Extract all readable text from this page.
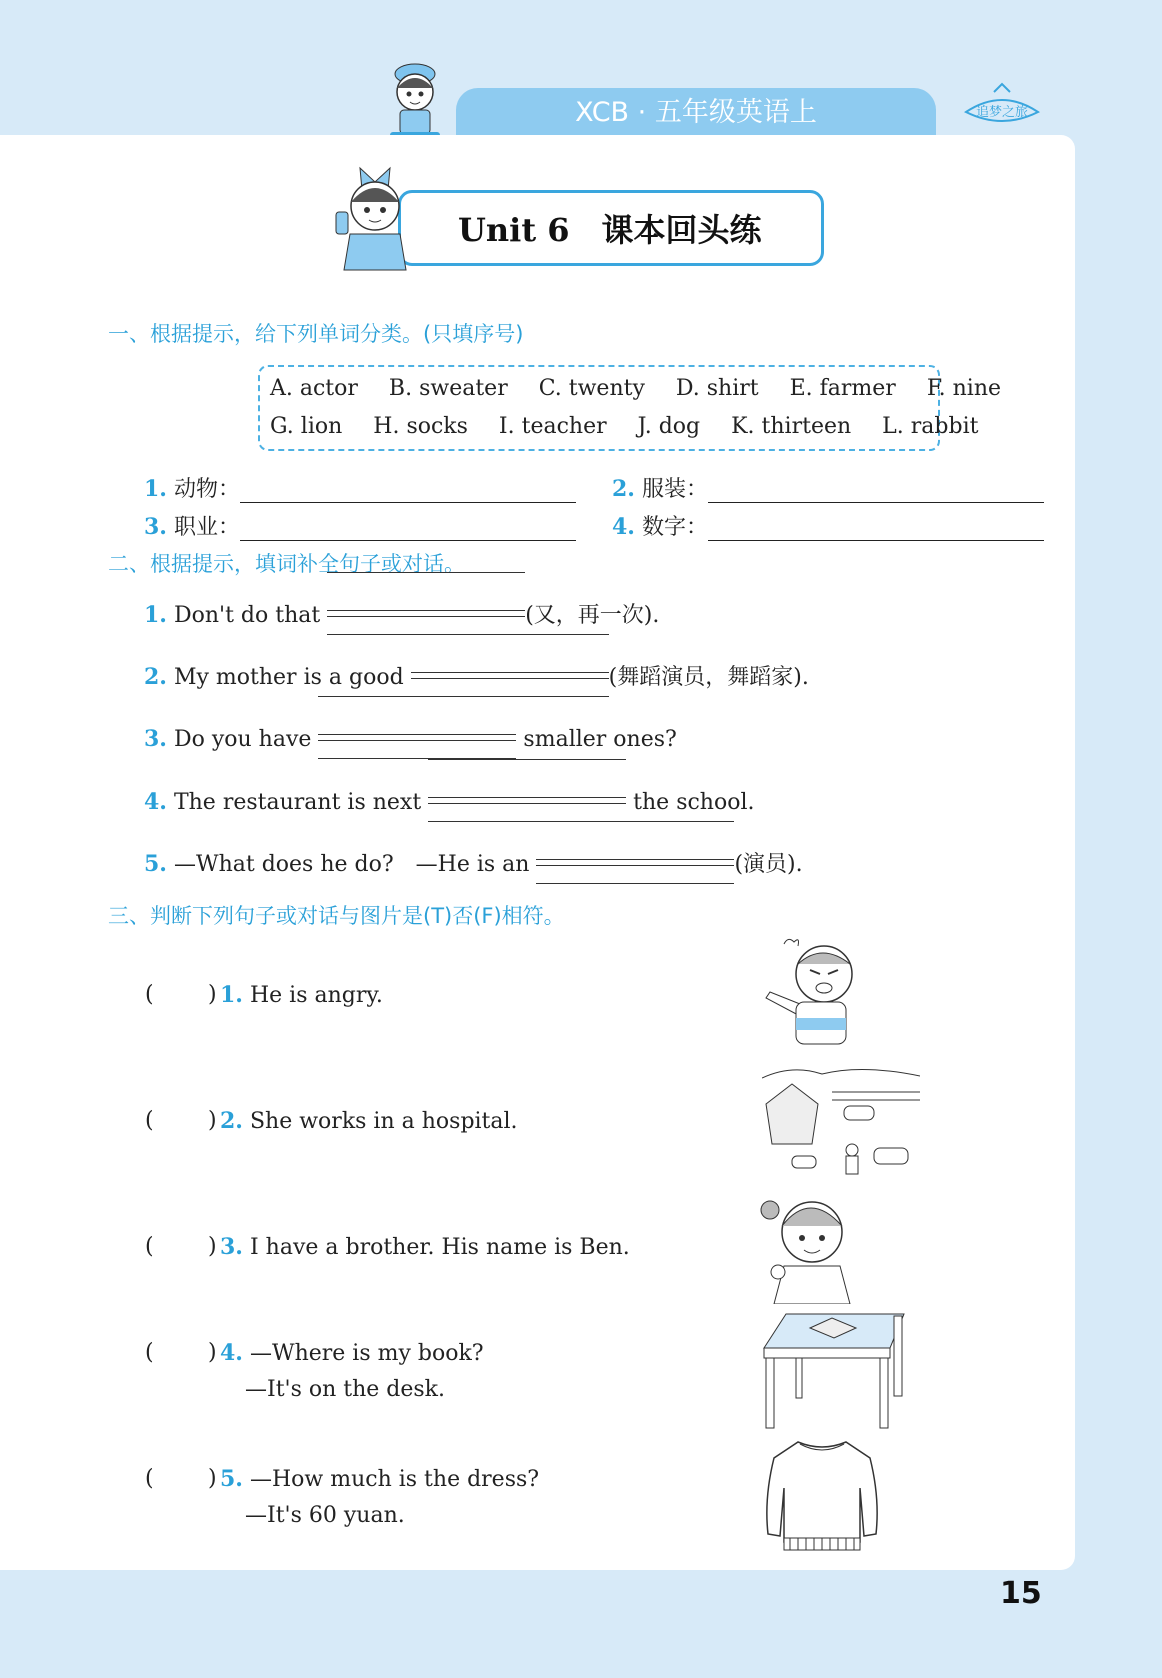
XCB · 五年级英语上	追梦之旅
Unit 6　课本回头练
一、根据提示，给下列单词分类。(只填序号)
A. actor B. sweater C. twenty D. shirt E. farmer F. nine
G. lion H. socks I. teacher J. dog K. thirteen L. rabbit
1. 动物：	2. 服装：
3. 职业：	4. 数字：
二、根据提示，填词补全句子或对话。
1. Don't do that	(又，再一次).
2. My mother is a good	(舞蹈演员，舞蹈家).
3. Do you have	smaller ones?
4. The restaurant is next	the school.
5. —What does he do?　—He is an	(演员).
三、判断下列句子或对话与图片是(T)否(F)相符。
( ) 1. He is angry.
( ) 2. She works in a hospital.
( ) 3. I have a brother. His name is Ben.
( ) 4. —Where is my book?
—It's on the desk.
( ) 5. —How much is the dress?
—It's 60 yuan.
15
